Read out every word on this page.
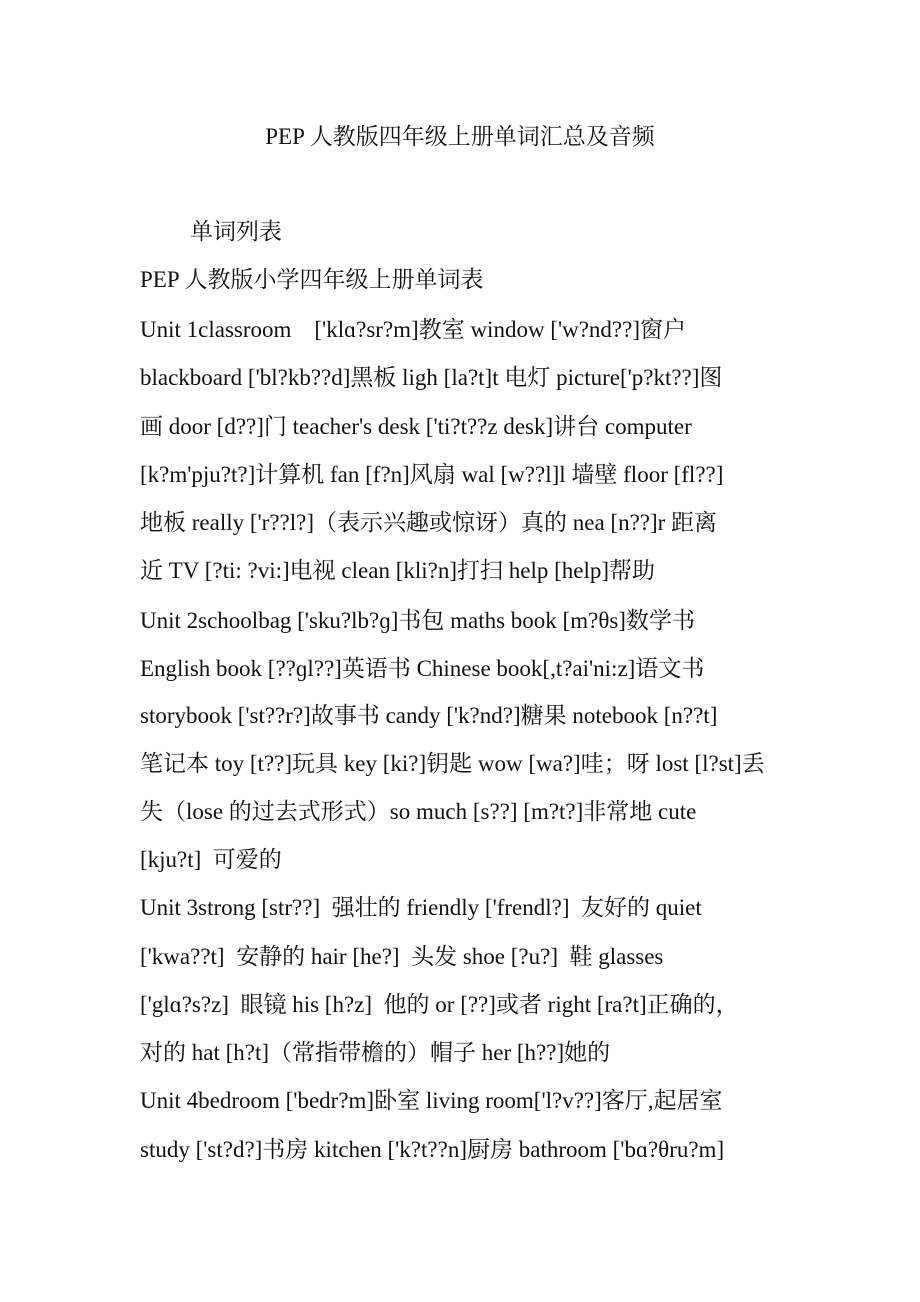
PEP 人教版四年级上册单词汇总及音频
单词列表
PEP 人教版小学四年级上册单词表
Unit 1classroom    ['klɑ?sr?m]教室 window ['w?nd??]窗户
blackboard ['bl?kb??d]黑板 ligh [la?t]t 电灯 picture['p?kt??]图
画 door [d??]门 teacher's desk ['ti?t??z desk]讲台 computer
[k?m'pju?t?]计算机 fan [f?n]风扇 wal [w??l]l 墙壁 floor [fl??]
地板 really ['r??l?]（表示兴趣或惊讶）真的 nea [n??]r 距离
近 TV [?ti: ?vi:]电视 clean [kli?n]打扫 help [help]帮助
Unit 2schoolbag ['sku?lb?ɡ]书包 maths book [m?θs]数学书
English book [??ɡl??]英语书 Chinese book[,t?ai'ni:z]语文书
storybook ['st??r?]故事书 candy ['k?nd?]糖果 notebook [n??t]
笔记本 toy [t??]玩具 key [ki?]钥匙 wow [wa?]哇；呀 lost [l?st]丢
失（lose 的过去式形式）so much [s??] [m?t?]非常地 cute
[kju?t]  可爱的
Unit 3strong [str??]  强壮的 friendly ['frendl?]  友好的 quiet
['kwa??t]  安静的 hair [he?]  头发 shoe [?u?]  鞋 glasses
['glɑ?s?z]  眼镜 his [h?z]  他的 or [??]或者 right [ra?t]正确的，
对的 hat [h?t]（常指带檐的）帽子 her [h??]她的
Unit 4bedroom ['bedr?m]卧室 living room['l?v??]客厅,起居室
study ['st?d?]书房 kitchen ['k?t??n]厨房 bathroom ['bɑ?θru?m]
